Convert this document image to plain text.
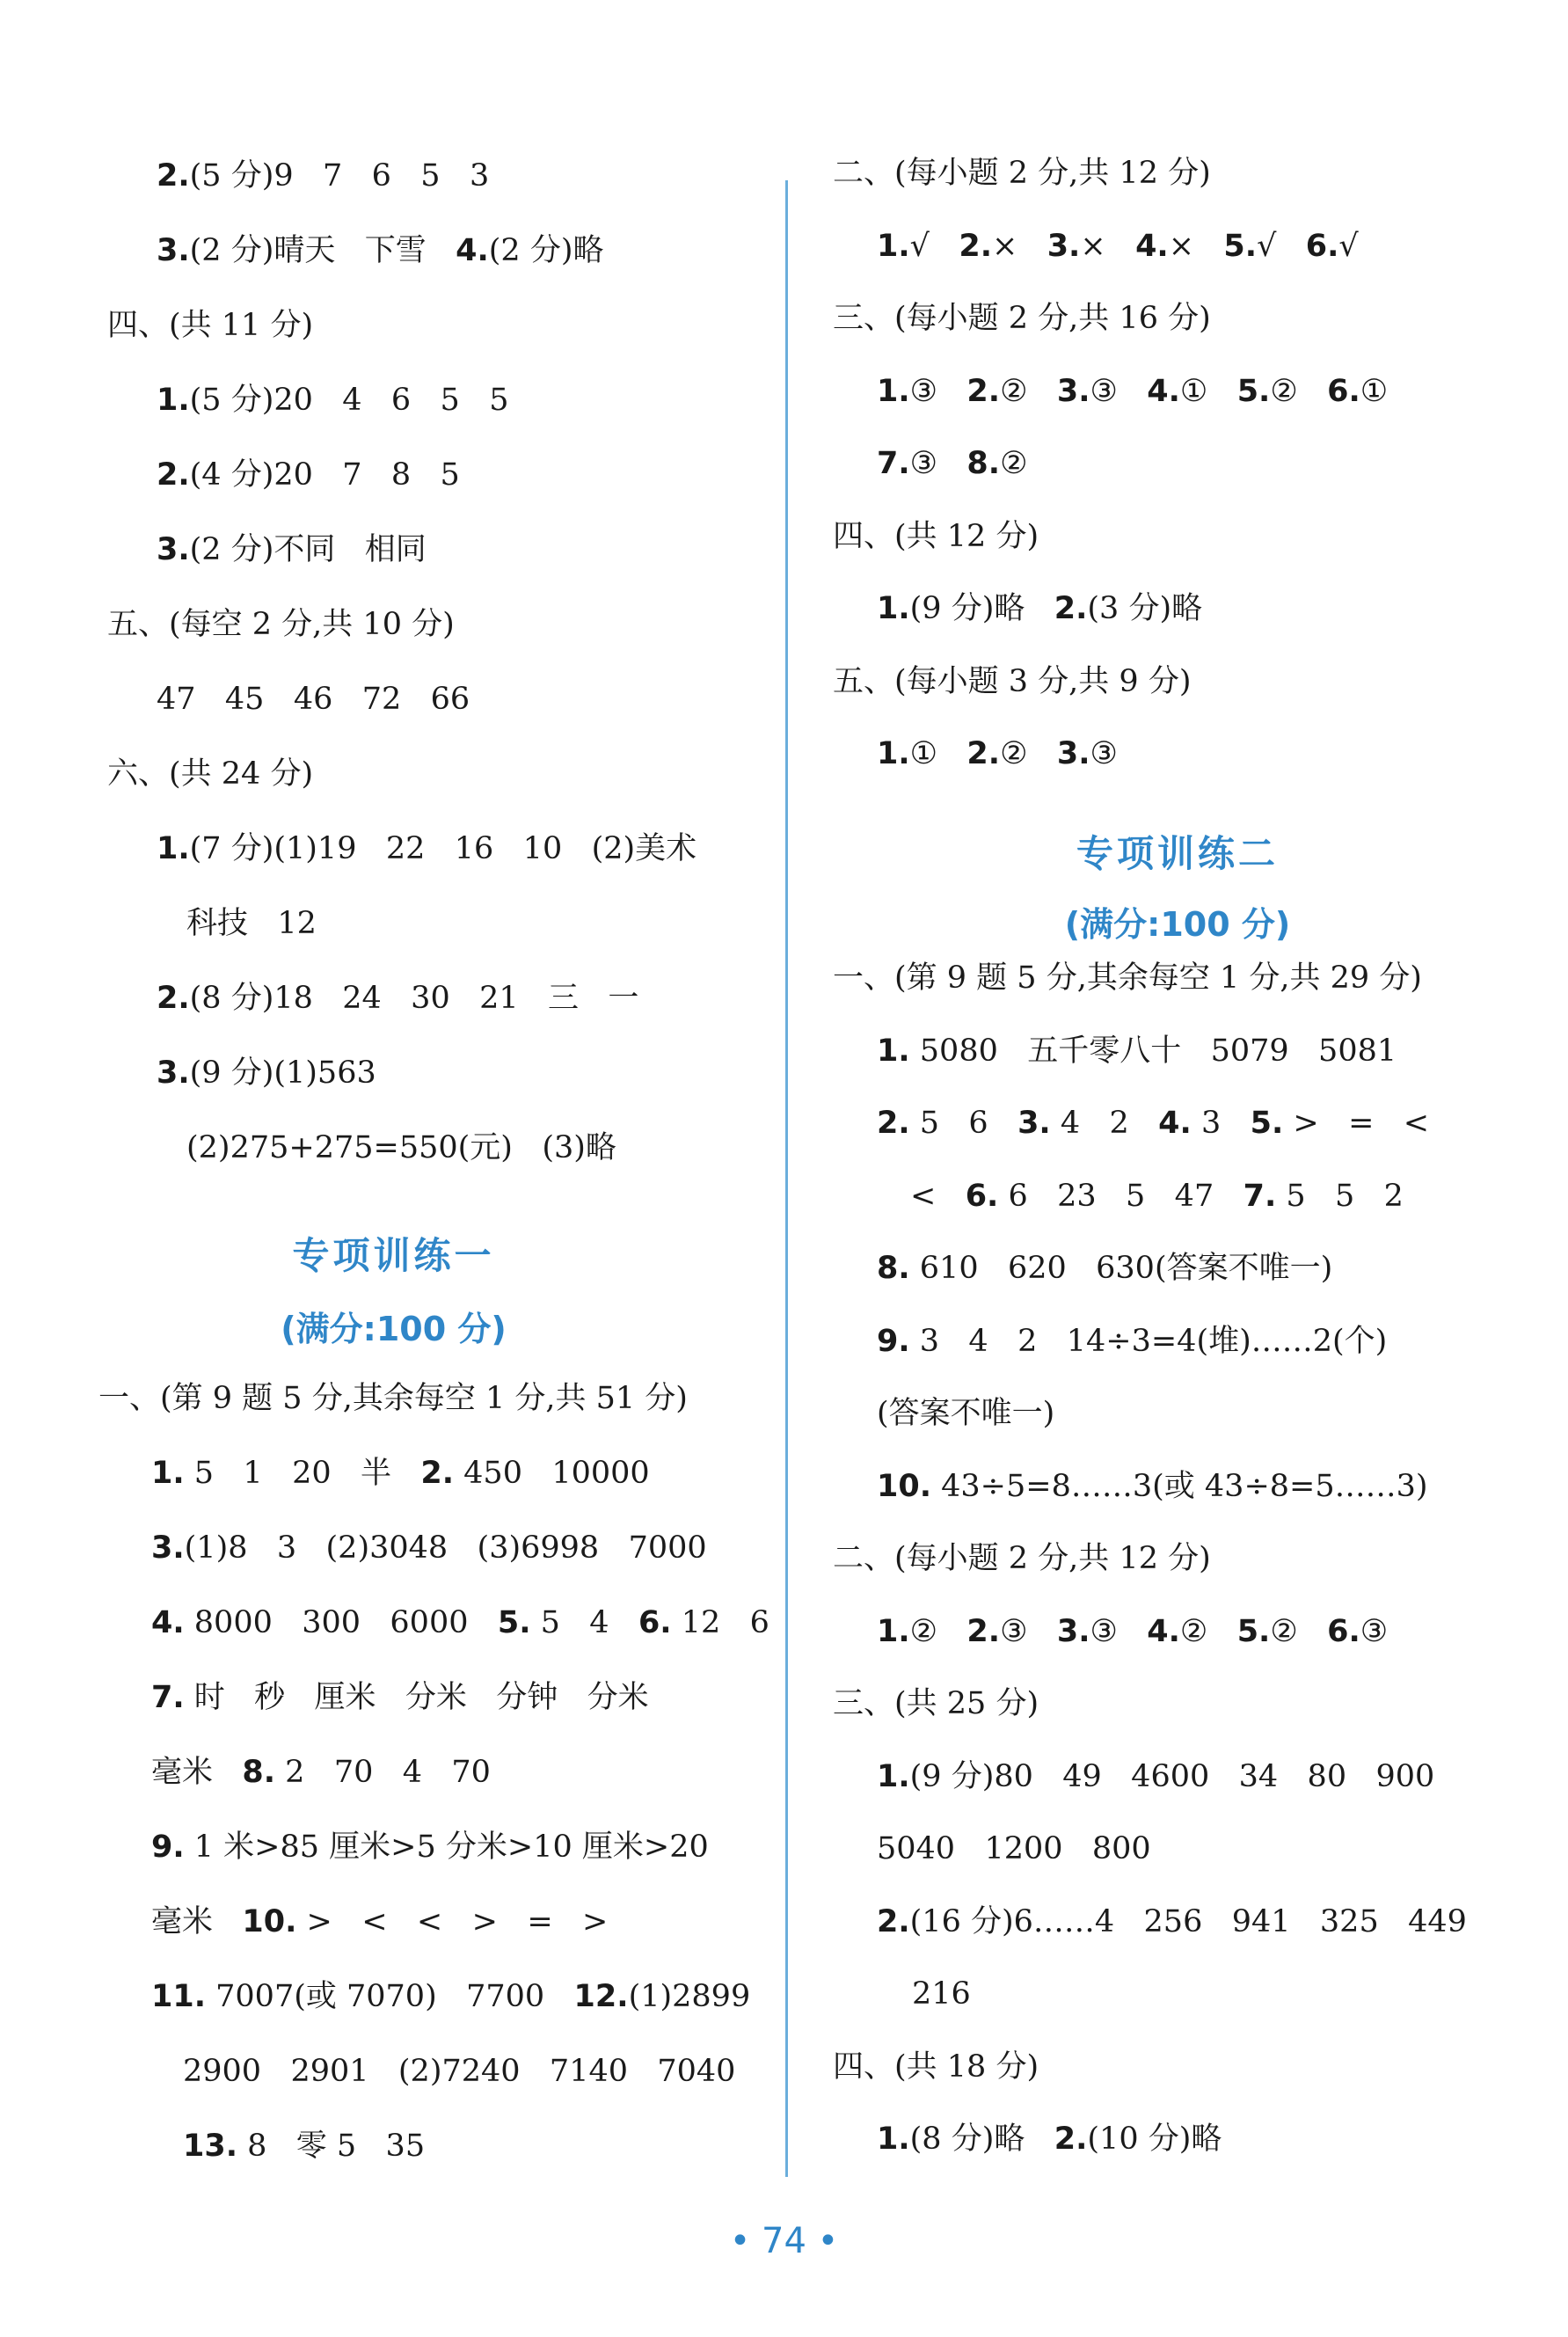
专项训练一
(满分:100 分)
2.(5 分)9   7   6   5   3
3.(2 分)晴天   下雪   4.(2 分)略
四、(共 11 分)
1.(5 分)20   4   6   5   5
2.(4 分)20   7   8   5
3.(2 分)不同   相同
五、(每空 2 分,共 10 分)
47   45   46   72   66
六、(共 24 分)
1.(7 分)(1)19   22   16   10   (2)美术
科技   12
2.(8 分)18   24   30   21   三   一
3.(9 分)(1)563
(2)275+275=550(元)   (3)略
一、(第 9 题 5 分,其余每空 1 分,共 51 分)
1. 5   1   20   半   2. 450   10000
3.(1)8   3   (2)3048   (3)6998   7000
4. 8000   300   6000   5. 5   4   6. 12   6
7. 时   秒   厘米   分米   分钟   分米
毫米   8. 2   70   4   70
9. 1 米>85 厘米>5 分米>10 厘米>20
毫米   10. >   <   <   >   =   >
11. 7007(或 7070)   7700   12.(1)2899
2900   2901   (2)7240   7140   7040
13. 8   零 5   35
专项训练二
(满分:100 分)
二、(每小题 2 分,共 12 分)
1.√   2.×   3.×   4.×   5.√   6.√
三、(每小题 2 分,共 16 分)
1.③   2.②   3.③   4.①   5.②   6.①
7.③   8.②
四、(共 12 分)
1.(9 分)略   2.(3 分)略
五、(每小题 3 分,共 9 分)
1.①   2.②   3.③
一、(第 9 题 5 分,其余每空 1 分,共 29 分)
1. 5080   五千零八十   5079   5081
2. 5   6   3. 4   2   4. 3   5. >   =   <
<   6. 6   23   5   47   7. 5   5   2
8. 610   620   630(答案不唯一)
9. 3   4   2   14÷3=4(堆)……2(个)
(答案不唯一)
10. 43÷5=8……3(或 43÷8=5……3)
二、(每小题 2 分,共 12 分)
1.②   2.③   3.③   4.②   5.②   6.③
三、(共 25 分)
1.(9 分)80   49   4600   34   80   900
5040   1200   800
2.(16 分)6……4   256   941   325   449
216
四、(共 18 分)
1.(8 分)略   2.(10 分)略
• 74 •
